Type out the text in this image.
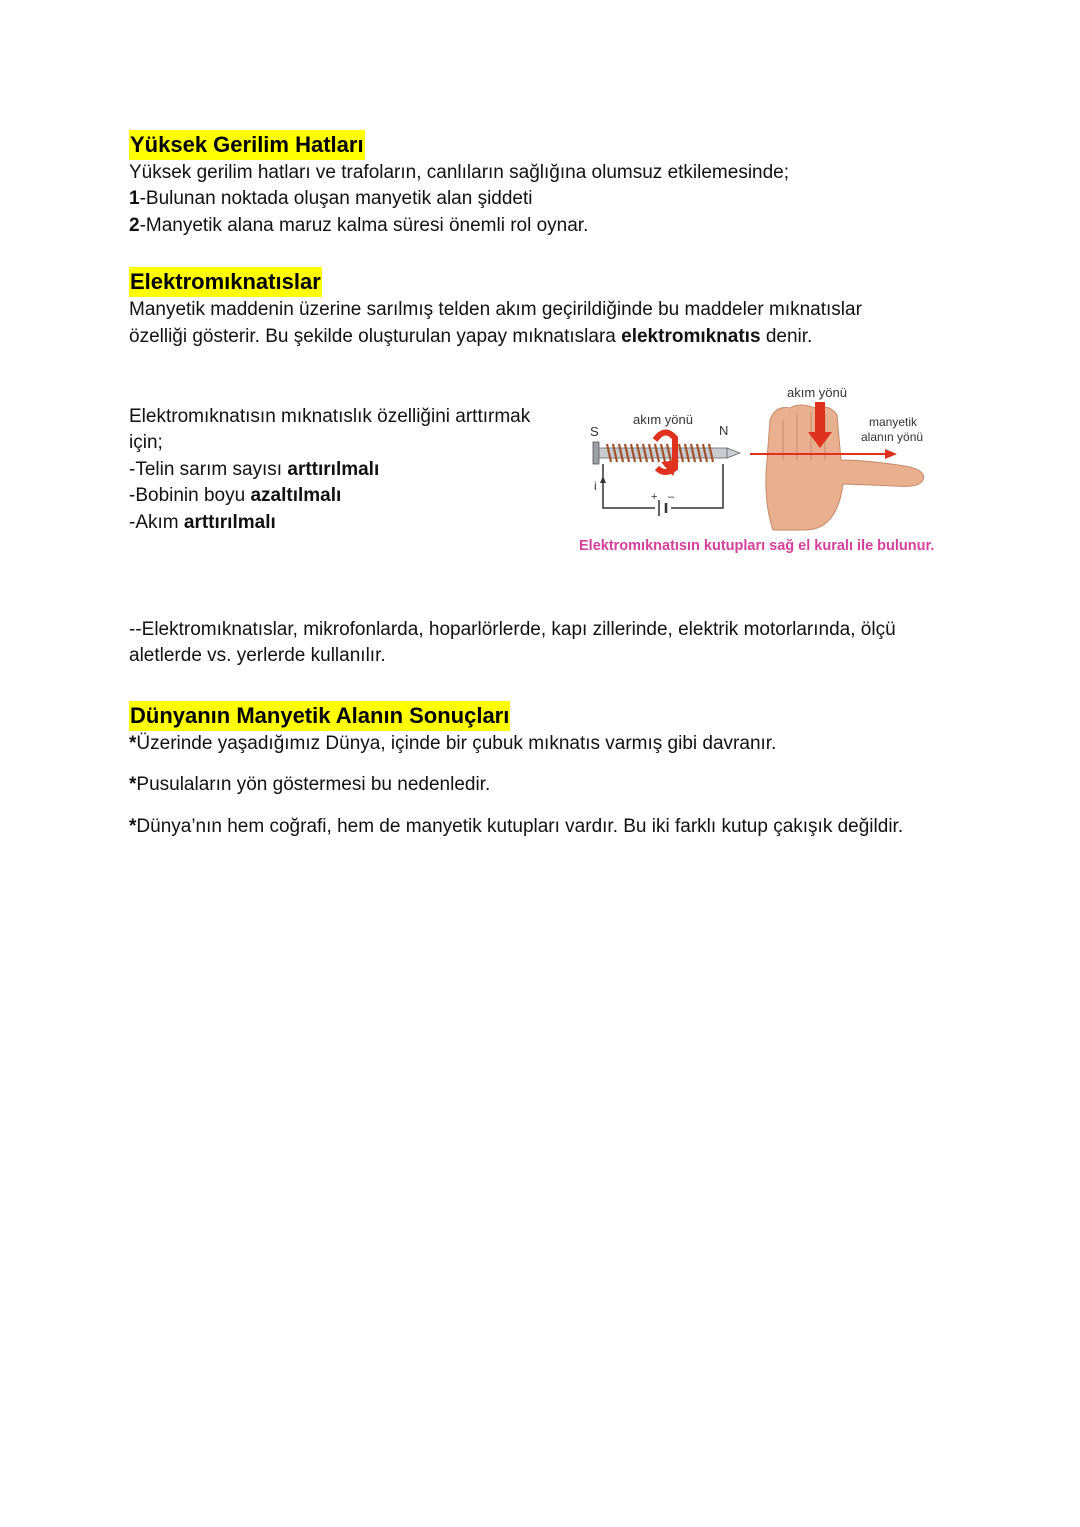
Yüksek Gerilim Hatları
Yüksek gerilim hatları ve trafoların, canlıların sağlığına olumsuz etkilemesinde;
1-Bulunan noktada oluşan manyetik alan şiddeti
2-Manyetik alana maruz kalma süresi önemli rol oynar.
Elektromıknatıslar
Manyetik maddenin üzerine sarılmış telden akım geçirildiğinde bu maddeler mıknatıslar
özelliği gösterir. Bu şekilde oluşturulan yapay mıknatıslara elektromıknatıs denir.
Elektromıknatısın mıknatıslık özelliğini arttırmak
için;
-Telin sarım sayısı arttırılmalı
-Bobinin boyu azaltılmalı
-Akım arttırılmalı
S	N
akım yönü
+ –
i
akım yönü
manyetik
alanın yönü
Elektromıknatısın kutupları sağ el kuralı ile bulunur.
--Elektromıknatıslar, mikrofonlarda, hoparlörlerde, kapı zillerinde, elektrik motorlarında, ölçü
aletlerde vs. yerlerde kullanılır.
Dünyanın Manyetik Alanın Sonuçları
*Üzerinde yaşadığımız Dünya, içinde bir çubuk mıknatıs varmış gibi davranır.
*Pusulaların yön göstermesi bu nedenledir.
*Dünya’nın hem coğrafi, hem de manyetik kutupları vardır. Bu iki farklı kutup çakışık değildir.
